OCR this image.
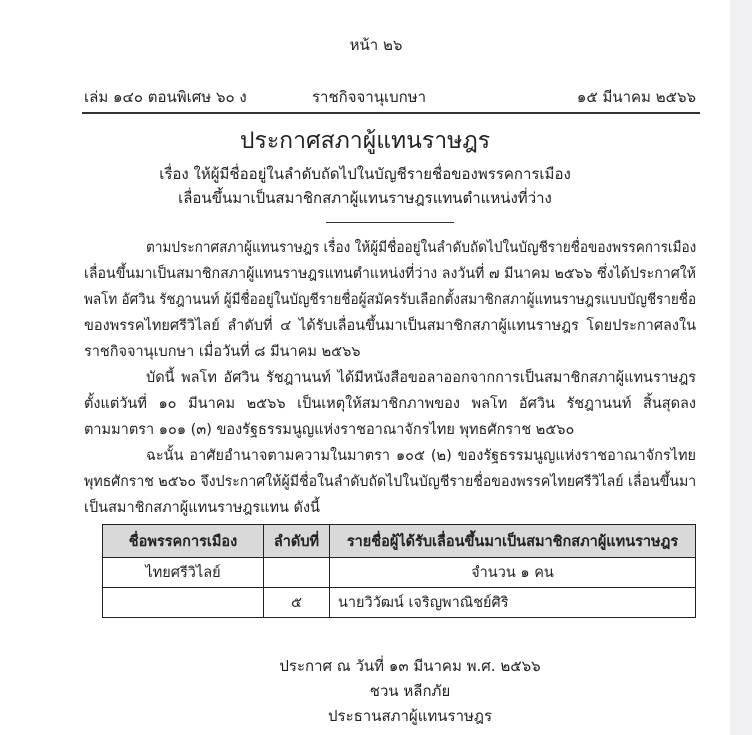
หน้า ๒๖
เล่ม ๑๔๐ ตอนพิเศษ ๖๐ ง	ราชกิจจานุเบกษา	๑๕ มีนาคม ๒๕๖๖
ประกาศสภาผู้แทนราษฎร
เรื่อง ให้ผู้มีชื่ออยู่ในลำดับถัดไปในบัญชีรายชื่อของพรรคการเมือง
เลื่อนขึ้นมาเป็นสมาชิกสภาผู้แทนราษฎรแทนตำแหน่งที่ว่าง
ตามประกาศสภาผู้แทนราษฎร เรื่อง ให้ผู้มีชื่ออยู่ในลำดับถัดไปในบัญชีรายชื่อของพรรคการเมือง
เลื่อนขึ้นมาเป็นสมาชิกสภาผู้แทนราษฎรแทนตำแหน่งที่ว่าง ลงวันที่ ๗ มีนาคม ๒๕๖๖ ซึ่งได้ประกาศให้
พลโท อัศวิน รัชฎานนท์ ผู้มีชื่ออยู่ในบัญชีรายชื่อผู้สมัครรับเลือกตั้งสมาชิกสภาผู้แทนราษฎรแบบบัญชีรายชื่อ
ของพรรคไทยศรีวิไลย์ ลำดับที่ ๔ ได้รับเลื่อนขึ้นมาเป็นสมาชิกสภาผู้แทนราษฎร โดยประกาศลงใน
ราชกิจจานุเบกษา เมื่อวันที่ ๘ มีนาคม ๒๕๖๖
บัดนี้ พลโท อัศวิน รัชฎานนท์ ได้มีหนังสือขอลาออกจากการเป็นสมาชิกสภาผู้แทนราษฎร
ตั้งแต่วันที่ ๑๐ มีนาคม ๒๕๖๖ เป็นเหตุให้สมาชิกภาพของ พลโท อัศวิน รัชฎานนท์ สิ้นสุดลง
ตามมาตรา ๑๐๑ (๓) ของรัฐธรรมนูญแห่งราชอาณาจักรไทย พุทธศักราช ๒๕๖๐
ฉะนั้น อาศัยอำนาจตามความในมาตรา ๑๐๕ (๒) ของรัฐธรรมนูญแห่งราชอาณาจักรไทย
พุทธศักราช ๒๕๖๐ จึงประกาศให้ผู้มีชื่อในลำดับถัดไปในบัญชีรายชื่อของพรรคไทยศรีวิไลย์ เลื่อนขึ้นมา
เป็นสมาชิกสภาผู้แทนราษฎรแทน ดังนี้
ชื่อพรรคการเมือง	ลำดับที่	รายชื่อผู้ได้รับเลื่อนขึ้นมาเป็นสมาชิกสภาผู้แทนราษฎร
ไทยศรีวิไลย์		จำนวน ๑ คน
	๕	นายวิวัฒน์ เจริญพาณิชย์ศิริ
ประกาศ ณ วันที่ ๑๓ มีนาคม พ.ศ. ๒๕๖๖
ชวน หลีกภัย
ประธานสภาผู้แทนราษฎร
